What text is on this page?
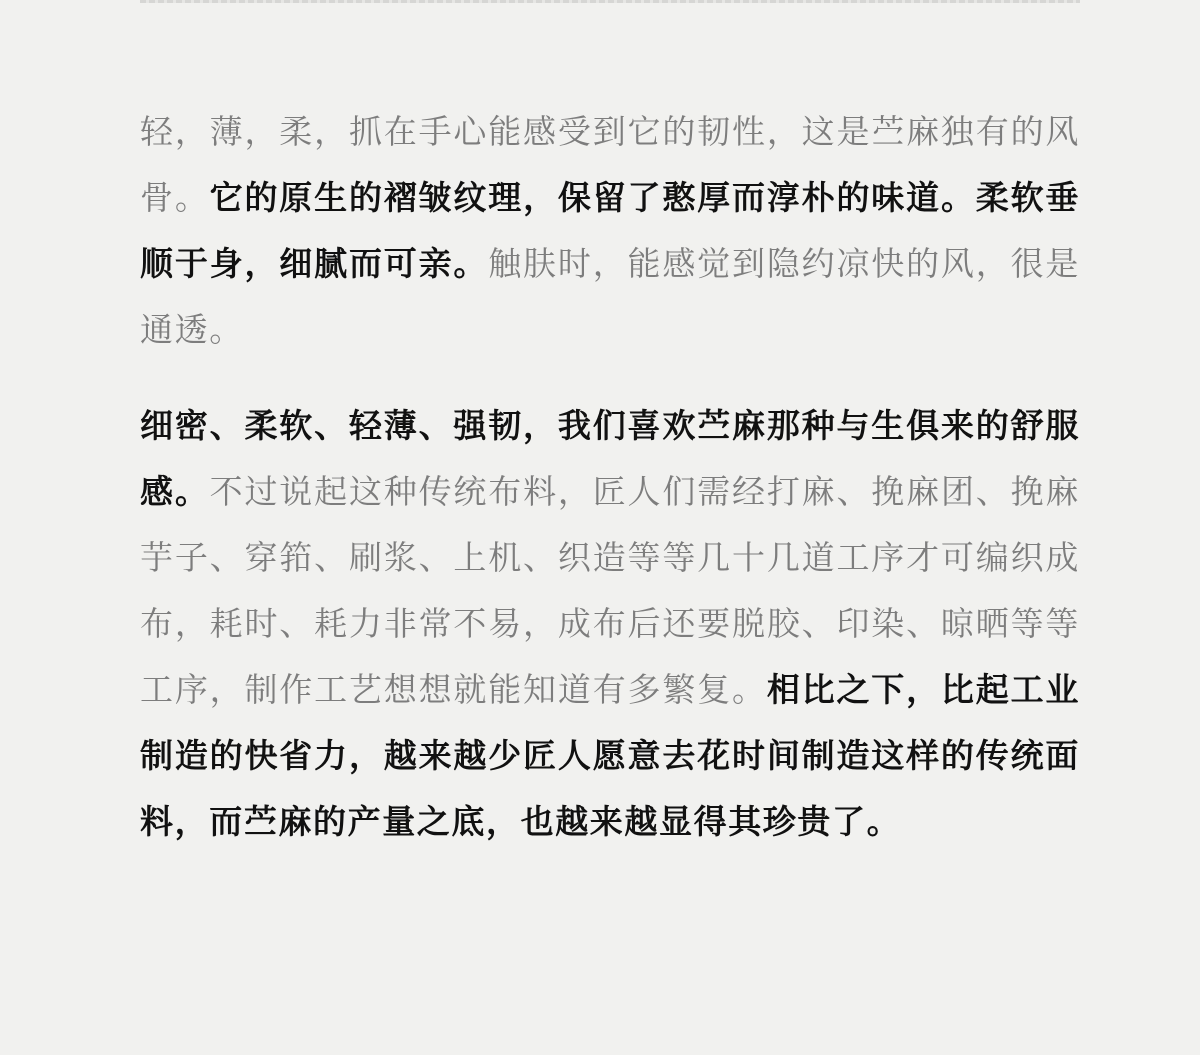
轻，薄，柔，抓在手心能感受到它的韧性，这是苎麻独有的风骨。它的原生的褶皱纹理，保留了憨厚而淳朴的味道。柔软垂顺于身，细腻而可亲。触肤时，能感觉到隐约凉快的风，很是通透。

细密、柔软、轻薄、强韧，我们喜欢苎麻那种与生俱来的舒服感。不过说起这种传统布料，匠人们需经打麻、挽麻团、挽麻芋子、穿筘、刷浆、上机、织造等等几十几道工序才可编织成布，耗时、耗力非常不易，成布后还要脱胶、印染、晾晒等等工序，制作工艺想想就能知道有多繁复。相比之下，比起工业制造的快省力，越来越少匠人愿意去花时间制造这样的传统面料，而苎麻的产量之底，也越来越显得其珍贵了。
